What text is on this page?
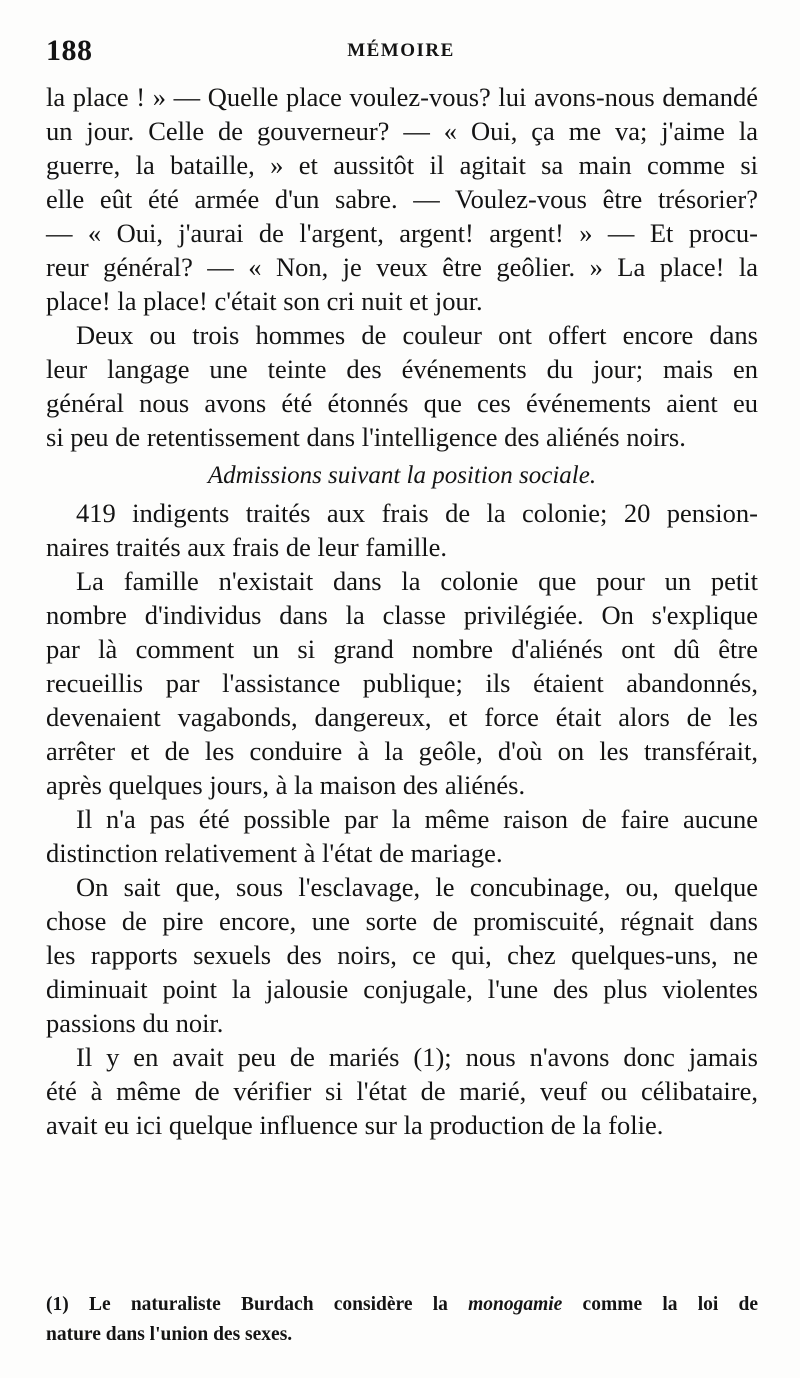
188	MÉMOIRE
la place ! » — Quelle place voulez-vous? lui avons-nous demandé
un jour. Celle de gouverneur? — « Oui, ça me va; j'aime la
guerre, la bataille, » et aussitôt il agitait sa main comme si
elle eût été armée d'un sabre. — Voulez-vous être trésorier?
— « Oui, j'aurai de l'argent, argent! argent! » — Et procu-
reur général? — « Non, je veux être geôlier. » La place! la
place! la place! c'était son cri nuit et jour.
Deux ou trois hommes de couleur ont offert encore dans
leur langage une teinte des événements du jour; mais en
général nous avons été étonnés que ces événements aient eu
si peu de retentissement dans l'intelligence des aliénés noirs.
Admissions suivant la position sociale.
419 indigents traités aux frais de la colonie; 20 pension-
naires traités aux frais de leur famille.
La famille n'existait dans la colonie que pour un petit
nombre d'individus dans la classe privilégiée. On s'explique
par là comment un si grand nombre d'aliénés ont dû être
recueillis par l'assistance publique; ils étaient abandonnés,
devenaient vagabonds, dangereux, et force était alors de les
arrêter et de les conduire à la geôle, d'où on les transférait,
après quelques jours, à la maison des aliénés.
Il n'a pas été possible par la même raison de faire aucune
distinction relativement à l'état de mariage.
On sait que, sous l'esclavage, le concubinage, ou, quelque
chose de pire encore, une sorte de promiscuité, régnait dans
les rapports sexuels des noirs, ce qui, chez quelques-uns, ne
diminuait point la jalousie conjugale, l'une des plus violentes
passions du noir.
Il y en avait peu de mariés (1); nous n'avons donc jamais
été à même de vérifier si l'état de marié, veuf ou célibataire,
avait eu ici quelque influence sur la production de la folie.
(1) Le naturaliste Burdach considère la monogamie comme la loi de
nature dans l'union des sexes.
